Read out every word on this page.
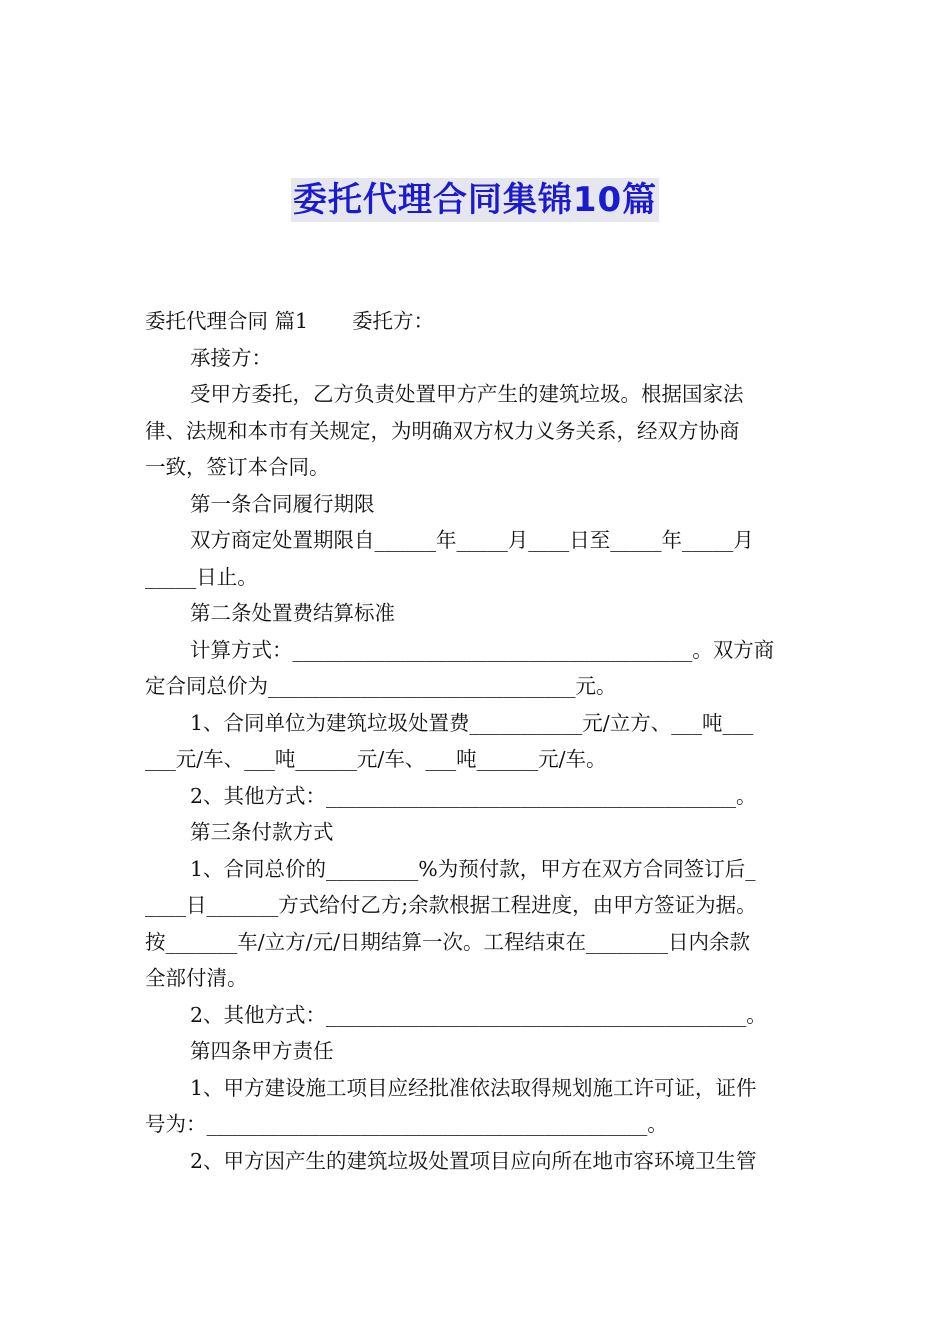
委托代理合同集锦10篇

委托代理合同 篇1 委托方：

承接方：

受甲方委托，乙方负责处置甲方产生的建筑垃圾。根据国家法

律、法规和本市有关规定，为明确双方权力义务关系，经双方协商

一致，签订本合同。

第一条合同履行期限

双方商定处置期限自______年_____月____日至_____年_____月

_____日止。

第二条处置费结算标准

计算方式：_______________________________________。双方商

定合同总价为______________________________元。

1、合同单位为建筑垃圾处置费___________元/立方、___吨___

___元/车、___吨______元/车、___吨______元/车。

2、其他方式：________________________________________。

第三条付款方式

1、合同总价的_________%为预付款，甲方在双方合同签订后_

____日_______方式给付乙方;余款根据工程进度，由甲方签证为据。

按_______车/立方/元/日期结算一次。工程结束在________日内余款

全部付清。

2、其他方式：_________________________________________。

第四条甲方责任

1、甲方建设施工项目应经批准依法取得规划施工许可证，证件

号为：___________________________________________。

2、甲方因产生的建筑垃圾处置项目应向所在地市容环境卫生管
